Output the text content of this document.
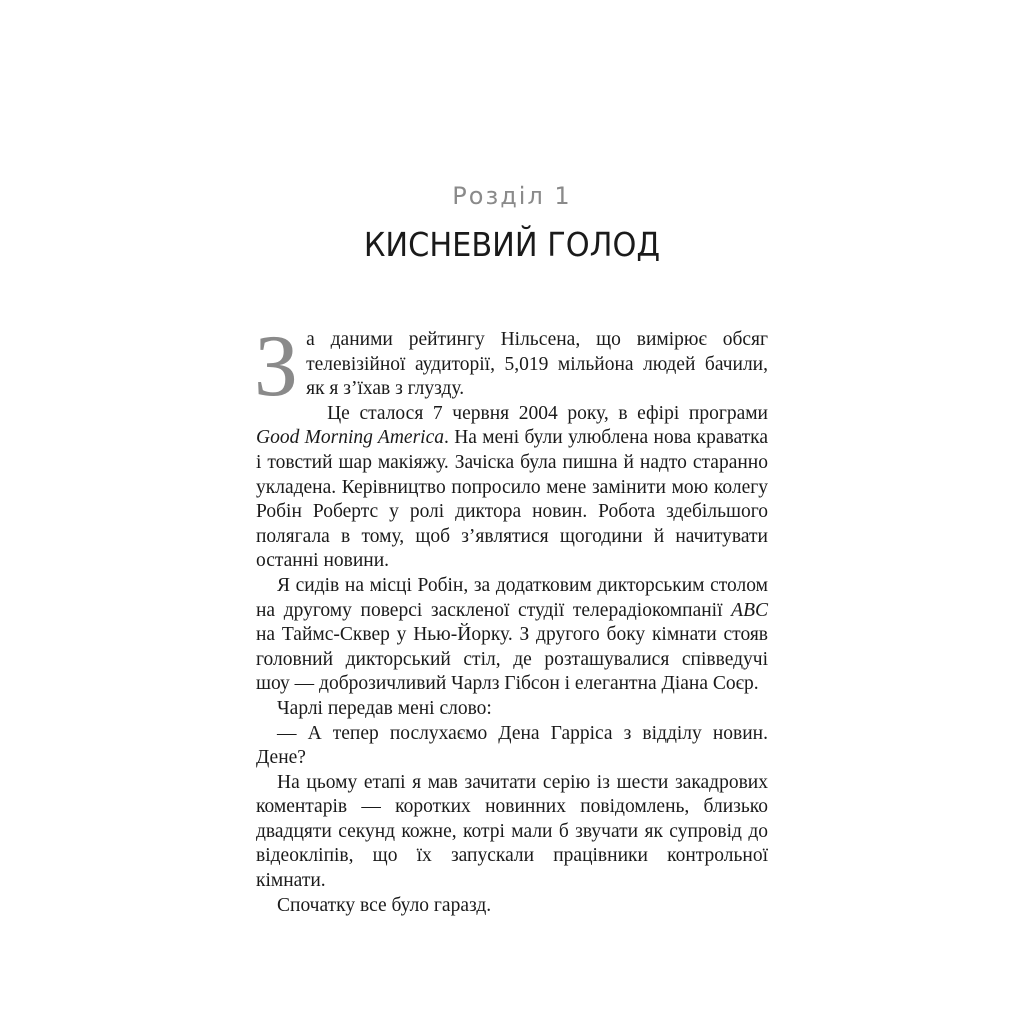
Розділ 1
КИСНЕВИЙ ГОЛОД

За даними рейтингу Нільсена, що вимірює обсяг телевізійної аудиторії, 5,019 мільйона людей бачили, як я з’їхав з глузду.

Це сталося 7 червня 2004 року, в ефірі програми Good Morning America. На мені були улюблена нова краватка і товстий шар макіяжу. Зачіска була пишна й надто старанно укладена. Керівництво попросило мене замінити мою колегу Робін Робертс у ролі диктора новин. Робота здебільшого полягала в тому, щоб з’являтися щогодини й начитувати останні новини.

Я сидів на місці Робін, за додатковим дикторським столом на другому поверсі заскленої студії телерадіокомпанії ABC на Таймс-Сквер у Нью-Йорку. З другого боку кімнати стояв головний дикторський стіл, де розташувалися співведучі шоу — доброзичливий Чарлз Гібсон і елегантна Діана Соєр.

Чарлі передав мені слово:

— А тепер послухаємо Дена Гарріса з відділу новин. Дене?

На цьому етапі я мав зачитати серію із шести закадрових коментарів — коротких новинних повідомлень, близько двадцяти секунд кожне, котрі мали б звучати як супровід до відеокліпів, що їх запускали працівники контрольної кімнати.

Спочатку все було гаразд.
